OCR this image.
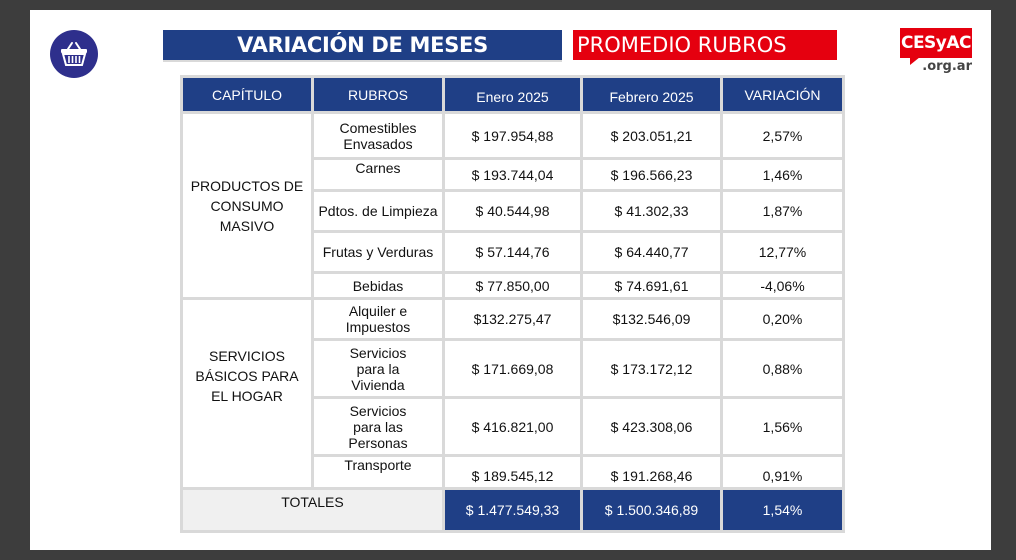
VARIACIÓN DE MESES	PROMEDIO RUBROS	CESyAC
.org.ar
CAPÍTULO	RUBROS	Enero 2025	Febrero 2025	VARIACIÓN
PRODUCTOS DE CONSUMO MASIVO	Comestibles Envasados	$ 197.954,88	$ 203.051,21	2,57%
	Carnes	$ 193.744,04	$ 196.566,23	1,46%
	Pdtos. de Limpieza	$ 40.544,98	$ 41.302,33	1,87%
	Frutas y Verduras	$ 57.144,76	$ 64.440,77	12,77%
	Bebidas	$ 77.850,00	$ 74.691,61	-4,06%
SERVICIOS BÁSICOS PARA EL HOGAR	Alquiler e Impuestos	$132.275,47	$132.546,09	0,20%
	Servicios para la Vivienda	$ 171.669,08	$ 173.172,12	0,88%
	Servicios para las Personas	$ 416.821,00	$ 423.308,06	1,56%
	Transporte	$ 189.545,12	$ 191.268,46	0,91%
TOTALES		$ 1.477.549,33	$ 1.500.346,89	1,54%
